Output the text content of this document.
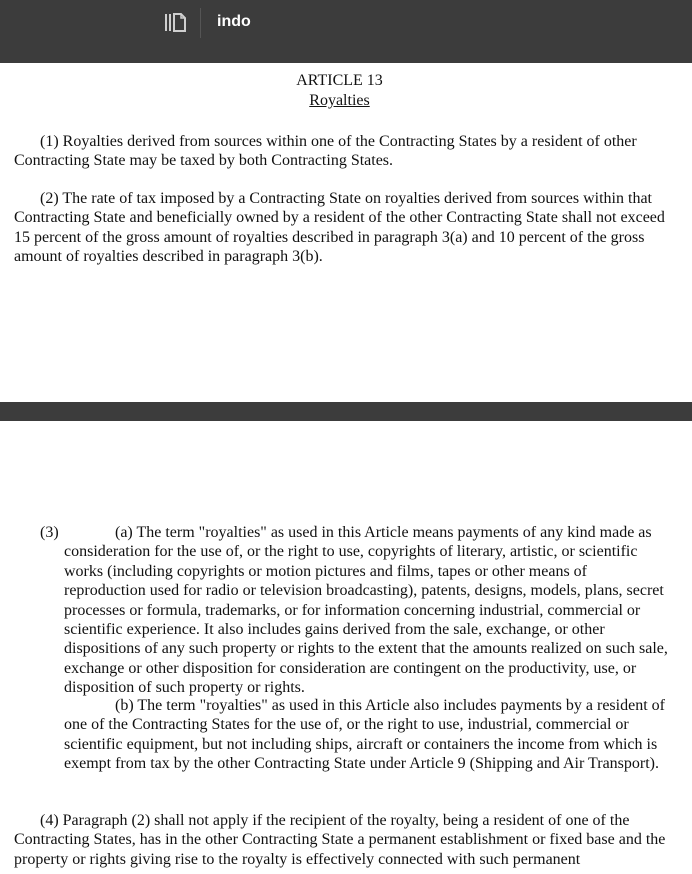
indo
ARTICLE 13
Royalties

(1) Royalties derived from sources within one of the Contracting States by a resident of other Contracting State may be taxed by both Contracting States.

(2) The rate of tax imposed by a Contracting State on royalties derived from sources within that Contracting State and beneficially owned by a resident of the other Contracting State shall not exceed 15 percent of the gross amount of royalties described in paragraph 3(a) and 10 percent of the gross amount of royalties described in paragraph 3(b).

(3)	(a) The term "royalties" as used in this Article means payments of any kind made as consideration for the use of, or the right to use, copyrights of literary, artistic, or scientific works (including copyrights or motion pictures and films, tapes or other means of reproduction used for radio or television broadcasting), patents, designs, models, plans, secret processes or formula, trademarks, or for information concerning industrial, commercial or scientific experience. It also includes gains derived from the sale, exchange, or other dispositions of any such property or rights to the extent that the amounts realized on such sale, exchange or other disposition for consideration are contingent on the productivity, use, or disposition of such property or rights.

(b) The term "royalties" as used in this Article also includes payments by a resident of one of the Contracting States for the use of, or the right to use, industrial, commercial or scientific equipment, but not including ships, aircraft or containers the income from which is exempt from tax by the other Contracting State under Article 9 (Shipping and Air Transport).

(4) Paragraph (2) shall not apply if the recipient of the royalty, being a resident of one of the Contracting States, has in the other Contracting State a permanent establishment or fixed base and the property or rights giving rise to the royalty is effectively connected with such permanent
